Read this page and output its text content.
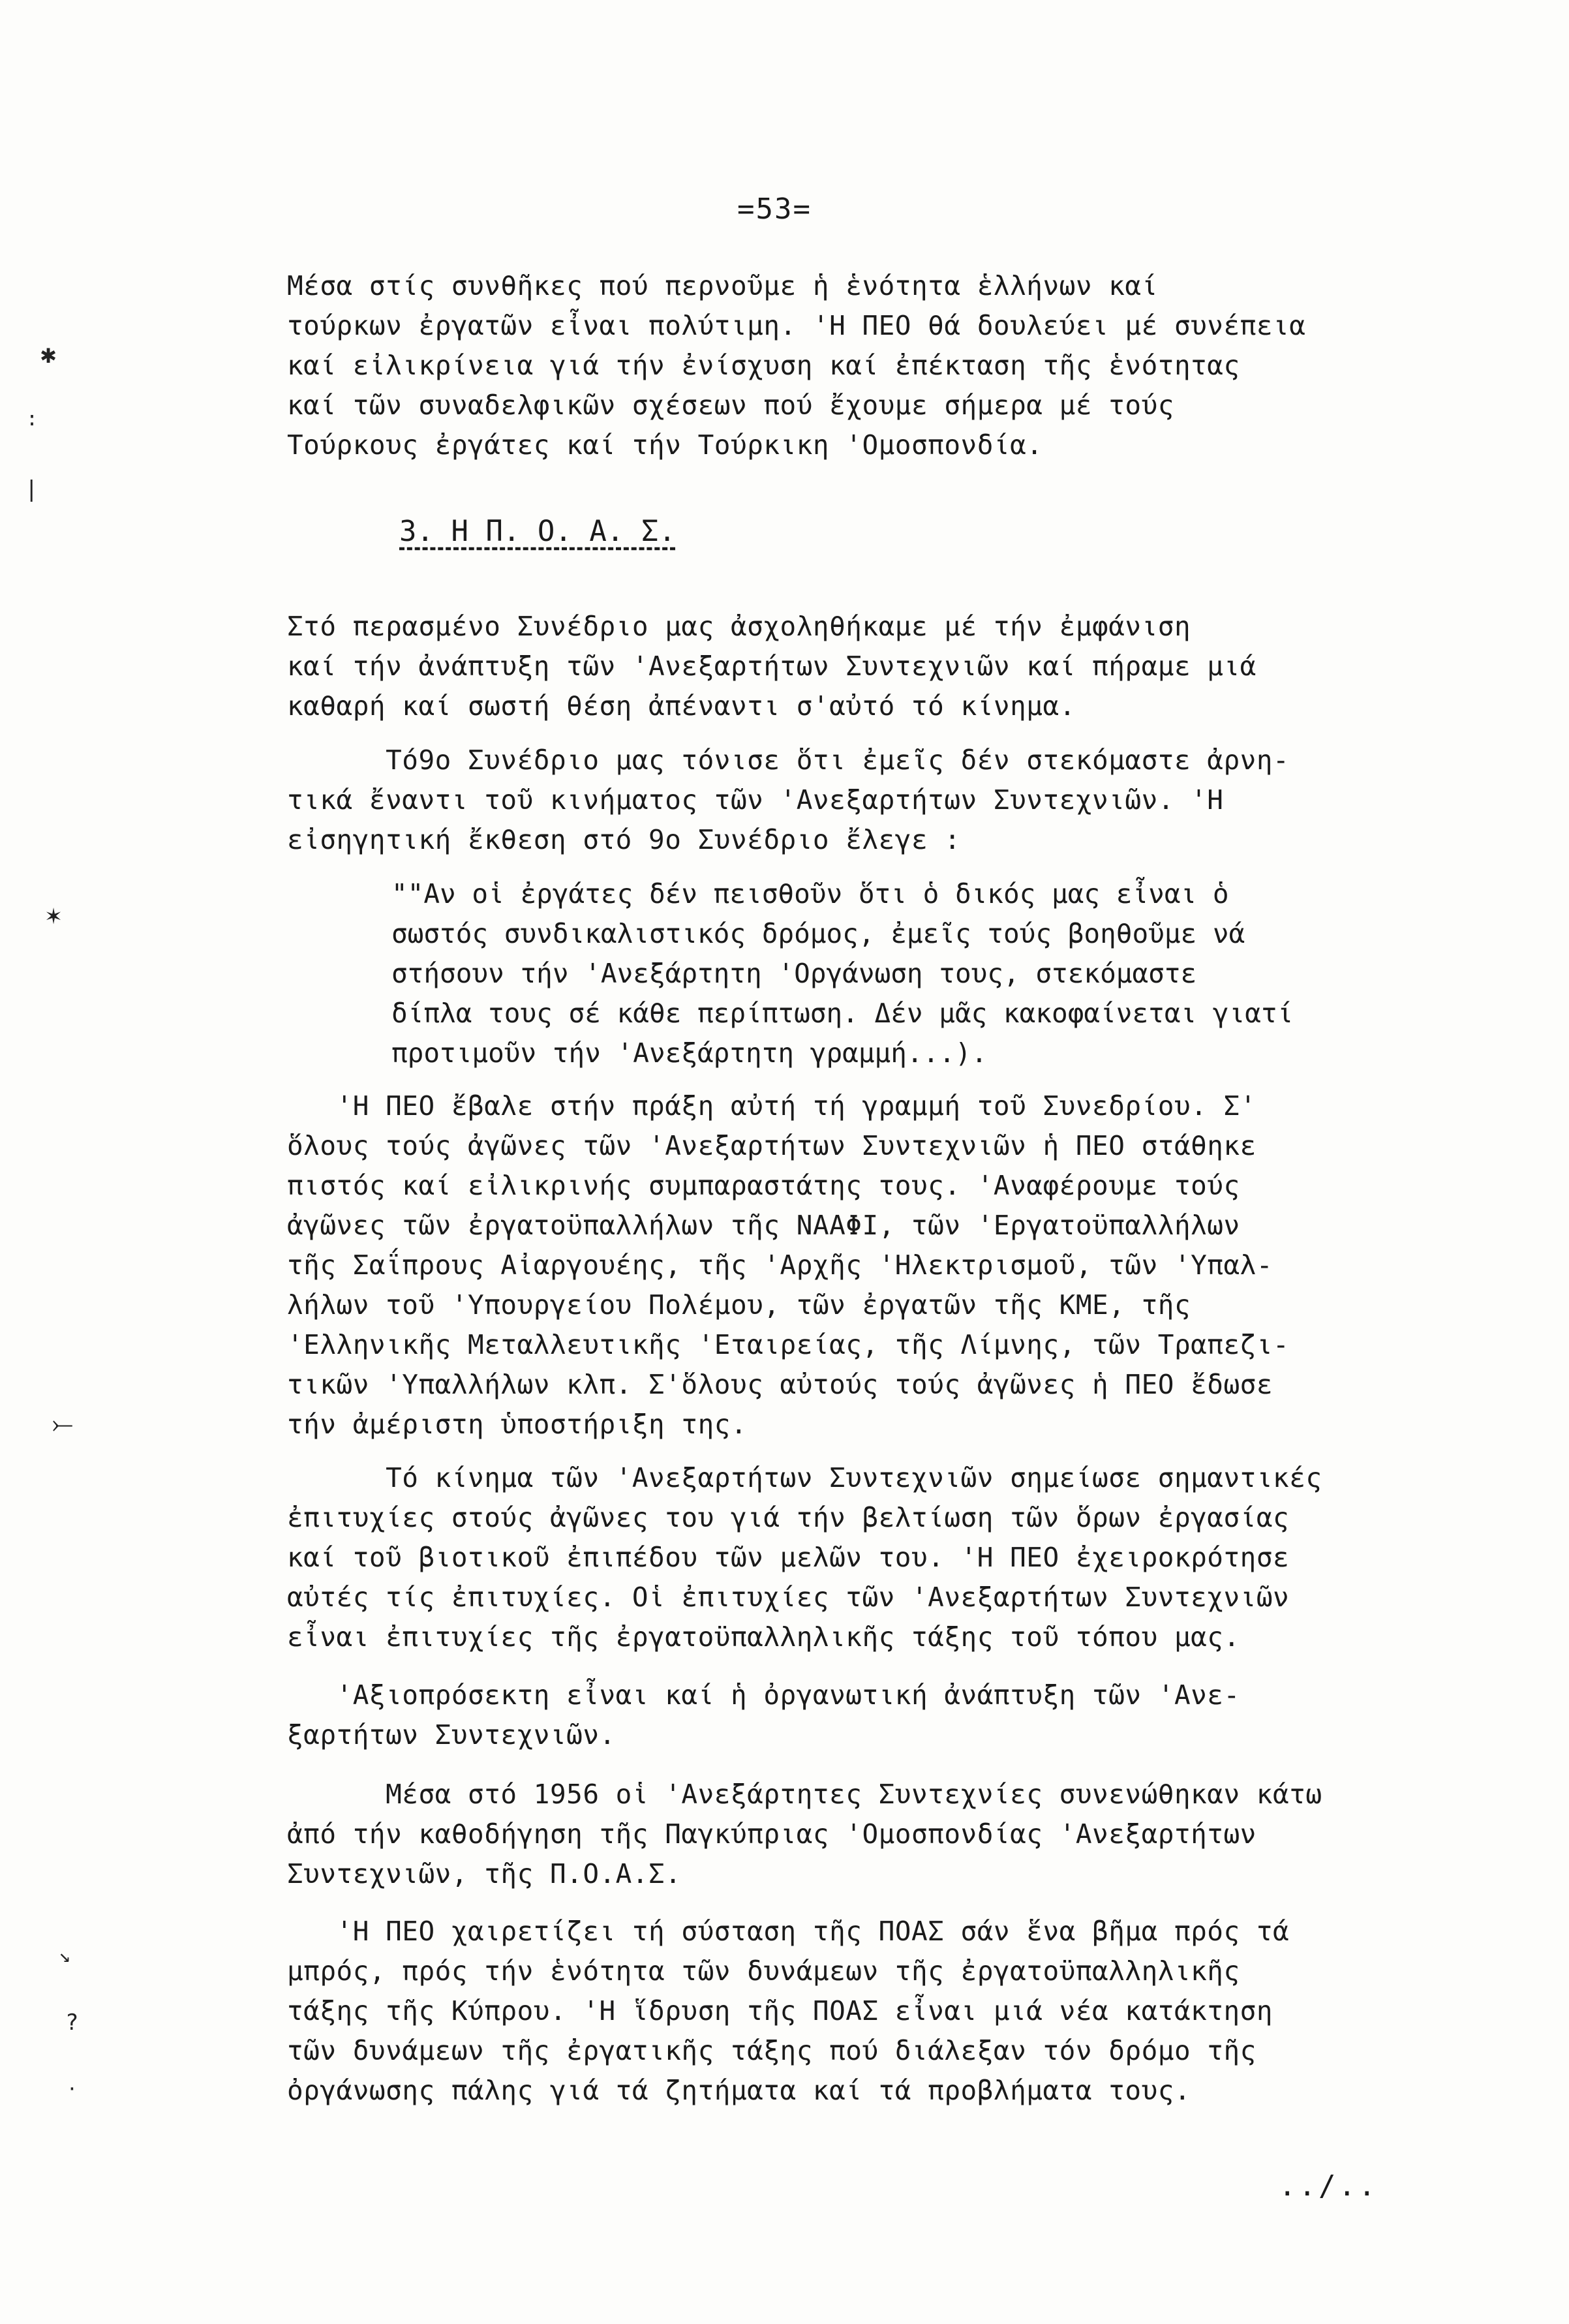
=53=
Μέσα στίς συνθῆκες πού περνοῦμε ἡ ἑνότητα ἑλλήνων καί
τούρκων ἐργατῶν εἶναι πολύτιμη. 'Η ΠΕΟ θά δουλεύει μέ συνέπεια
καί εἰλικρίνεια γιά τήν ἐνίσχυση καί ἐπέκταση τῆς ἑνότητας
καί τῶν συναδελφικῶν σχέσεων πού ἔχουμε σήμερα μέ τούς
Τούρκους ἐργάτες καί τήν Τούρκικη 'Ομοσπονδία.
3. Η Π. Ο. Α. Σ.
Στό περασμένο Συνέδριο μας ἀσχοληθήκαμε μέ τήν ἐμφάνιση
καί τήν ἀνάπτυξη τῶν 'Ανεξαρτήτων Συντεχνιῶν καί πήραμε μιά
καθαρή καί σωστή θέση ἀπέναντι σ'αὐτό τό κίνημα.
Τό9ο Συνέδριο μας τόνισε ὅτι ἐμεῖς δέν στεκόμαστε ἀρνη-
τικά ἔναντι τοῦ κινήματος τῶν 'Ανεξαρτήτων Συντεχνιῶν. 'Η
εἰσηγητική ἔκθεση στό 9ο Συνέδριο ἔλεγε :
""Αν οἱ ἐργάτες δέν πεισθοῦν ὅτι ὁ δικός μας εἶναι ὁ
σωστός συνδικαλιστικός δρόμος, ἐμεῖς τούς βοηθοῦμε νά
στήσουν τήν 'Ανεξάρτητη 'Οργάνωση τους, στεκόμαστε
δίπλα τους σέ κάθε περίπτωση. Δέν μᾶς κακοφαίνεται γιατί
προτιμοῦν τήν 'Ανεξάρτητη γραμμή...).
'Η ΠΕΟ ἔβαλε στήν πράξη αὐτή τή γραμμή τοῦ Συνεδρίου. Σ'
ὅλους τούς ἀγῶνες τῶν 'Ανεξαρτήτων Συντεχνιῶν ἡ ΠΕΟ στάθηκε
πιστός καί εἰλικρινής συμπαραστάτης τους. 'Αναφέρουμε τούς
ἀγῶνες τῶν ἐργατοϋπαλλήλων τῆς ΝΑΑΦΙ, τῶν 'Εργατοϋπαλλήλων
τῆς Σαΐπρους Αἰαργουέης, τῆς 'Αρχῆς 'Ηλεκτρισμοῦ, τῶν 'Υπαλ-
λήλων τοῦ 'Υπουργείου Πολέμου, τῶν ἐργατῶν τῆς ΚΜΕ, τῆς
'Ελληνικῆς Μεταλλευτικῆς 'Εταιρείας, τῆς Λίμνης, τῶν Τραπεζι-
τικῶν 'Υπαλλήλων κλπ. Σ'ὅλους αὐτούς τούς ἀγῶνες ἡ ΠΕΟ ἔδωσε
τήν ἀμέριστη ὑποστήριξη της.
Τό κίνημα τῶν 'Ανεξαρτήτων Συντεχνιῶν σημείωσε σημαντικές
ἐπιτυχίες στούς ἀγῶνες του γιά τήν βελτίωση τῶν ὅρων ἐργασίας
καί τοῦ βιοτικοῦ ἐπιπέδου τῶν μελῶν του. 'Η ΠΕΟ ἐχειροκρότησε
αὐτές τίς ἐπιτυχίες. Οἱ ἐπιτυχίες τῶν 'Ανεξαρτήτων Συντεχνιῶν
εἶναι ἐπιτυχίες τῆς ἐργατοϋπαλληλικῆς τάξης τοῦ τόπου μας.
'Αξιοπρόσεκτη εἶναι καί ἡ ὀργανωτική ἀνάπτυξη τῶν 'Ανε-
ξαρτήτων Συντεχνιῶν.
Μέσα στό 1956 οἱ 'Ανεξάρτητες Συντεχνίες συνενώθηκαν κάτω
ἀπό τήν καθοδήγηση τῆς Παγκύπριας 'Ομοσπονδίας 'Ανεξαρτήτων
Συντεχνιῶν, τῆς Π.Ο.Α.Σ.
'Η ΠΕΟ χαιρετίζει τή σύσταση τῆς ΠΟΑΣ σάν ἕνα βῆμα πρός τά
μπρός, πρός τήν ἑνότητα τῶν δυνάμεων τῆς ἐργατοϋπαλληλικῆς
τάξης τῆς Κύπρου. 'Η ἵδρυση τῆς ΠΟΑΣ εἶναι μιά νέα κατάκτηση
τῶν δυνάμεων τῆς ἐργατικῆς τάξης πού διάλεξαν τόν δρόμο τῆς
ὀργάνωσης πάλης γιά τά ζητήματα καί τά προβλήματα τους.
../..
✱
:
|
✶
⤚
↘
?
·
